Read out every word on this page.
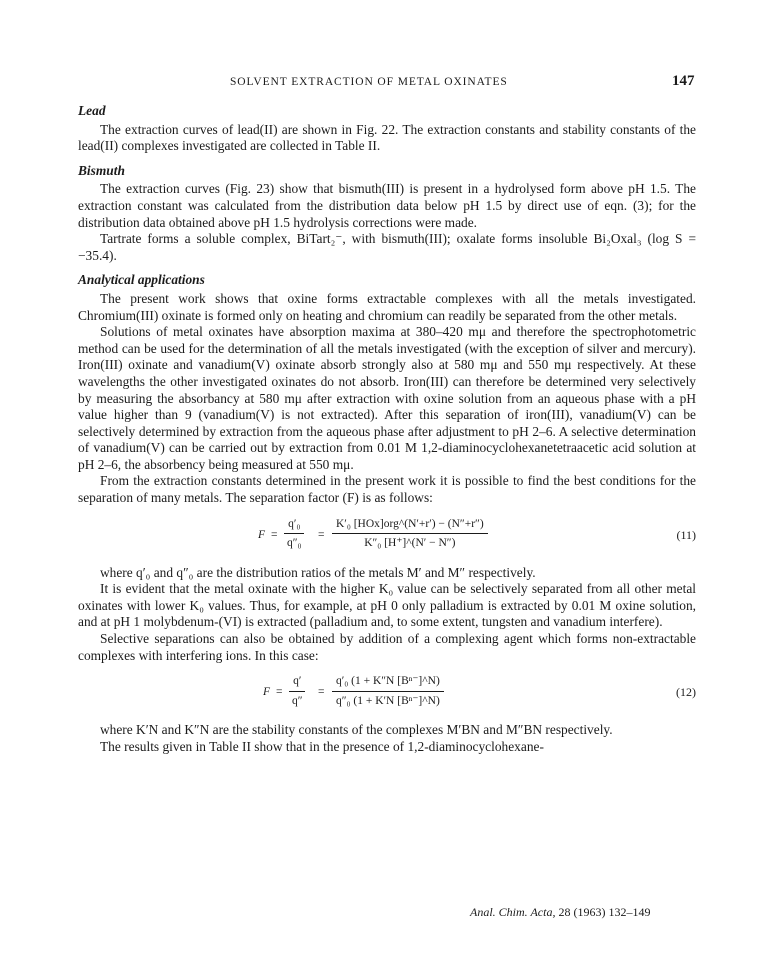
SOLVENT EXTRACTION OF METAL OXINATES	147
Lead

The extraction curves of lead(II) are shown in Fig. 22. The extraction constants and stability constants of the lead(II) complexes investigated are collected in Table II.

Bismuth

The extraction curves (Fig. 23) show that bismuth(III) is present in a hydrolysed form above pH 1.5. The extraction constant was calculated from the distribution data below pH 1.5 by direct use of eqn. (3); for the distribution data obtained above pH 1.5 hydrolysis corrections were made.

Tartrate forms a soluble complex, BiTart₂⁻, with bismuth(III); oxalate forms insoluble Bi₂Oxal₃ (log S = −35.4).

Analytical applications

The present work shows that oxine forms extractable complexes with all the metals investigated. Chromium(III) oxinate is formed only on heating and chromium can readily be separated from the other metals.

Solutions of metal oxinates have absorption maxima at 380–420 mμ and therefore the spectrophotometric method can be used for the determination of all the metals investigated (with the exception of silver and mercury). Iron(III) oxinate and vanadium(V) oxinate absorb strongly also at 580 mμ and 550 mμ respectively. At these wavelengths the other investigated oxinates do not absorb. Iron(III) can therefore be determined very selectively by measuring the absorbancy at 580 mμ after extraction with oxine solution from an aqueous phase with a pH value higher than 9 (vanadium(V) is not extracted). After this separation of iron(III), vanadium(V) can be selectively determined by extraction from the aqueous phase after adjustment to pH 2–6. A selective determination of vanadium(V) can be carried out by extraction from 0.01 M 1,2-diaminocyclohexanetetraacetic acid solution at pH 2–6, the absorbency being measured at 550 mμ.

From the extraction constants determined in the present work it is possible to find the best conditions for the separation of many metals. The separation factor (F) is as follows:

$F = \frac{\text{q′₀}}{\text{q″₀}}$ =
K′₀ [HOx]org^(N′+r′) − (N″+r″)
K″₀ [H⁺]^(N′ − N″)
(11)

where q′₀ and q″₀ are the distribution ratios of the metals M′ and M″ respectively.

It is evident that the metal oxinate with the higher K₀ value can be selectively separated from all other metal oxinates with lower K₀ values. Thus, for example, at pH 0 only palladium is extracted by 0.01 M oxine solution, and at pH 1 molybdenum-(VI) is extracted (palladium and, to some extent, tungsten and vanadium interfere).

Selective separations can also be obtained by addition of a complexing agent which forms non-extractable complexes with interfering ions. In this case:

$F = \frac{q'}{q''} = \frac{\text{q′₀ (1 + K″N [Bⁿ⁻]\textasciicircum{}N)}}{\text{q″₀ (1 + K′N [Bⁿ⁻]\textasciicircum{}N)}}$	(12)

where K′N and K″N are the stability constants of the complexes M′BN and M″BN respectively.

The results given in Table II show that in the presence of 1,2-diaminocyclohexane-

Anal. Chim. Acta, 28 (1963) 132–149
